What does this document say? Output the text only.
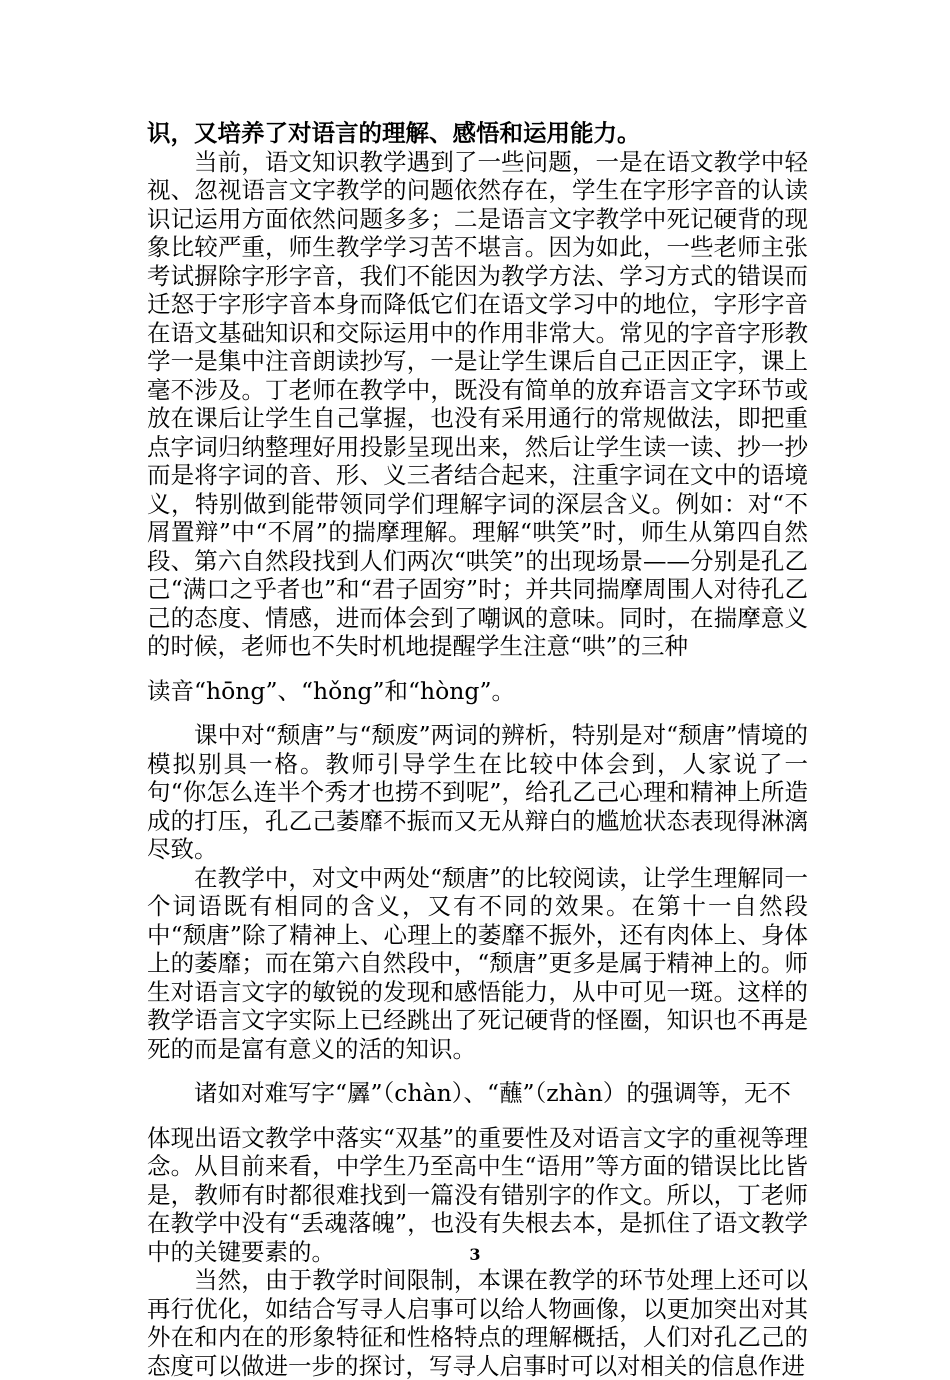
识，又培养了对语言的理解、感悟和运用能力。

当前，语文知识教学遇到了一些问题，一是在语文教学中轻视、忽视语言文字教学的问题依然存在，学生在字形字音的认读识记运用方面依然问题多多；二是语言文字教学中死记硬背的现象比较严重，师生教学学习苦不堪言。因为如此，一些老师主张考试摒除字形字音，我们不能因为教学方法、学习方式的错误而迁怒于字形字音本身而降低它们在语文学习中的地位，字形字音在语文基础知识和交际运用中的作用非常大。常见的字音字形教学一是集中注音朗读抄写，一是让学生课后自己正因正字，课上毫不涉及。丁老师在教学中，既没有简单的放弃语言文字环节或放在课后让学生自己掌握，也没有采用通行的常规做法，即把重点字词归纳整理好用投影呈现出来，然后让学生读一读、抄一抄而是将字词的音、形、义三者结合起来，注重字词在文中的语境义，特别做到能带领同学们理解字词的深层含义。例如：对“不屑置辩”中“不屑”的揣摩理解。理解“哄笑”时，师生从第四自然段、第六自然段找到人们两次“哄笑”的出现场景——分别是孔乙己“满口之乎者也”和“君子固穷”时；并共同揣摩周围人对待孔乙己的态度、情感，进而体会到了嘲讽的意味。同时，在揣摩意义的时候，老师也不失时机地提醒学生注意“哄”的三种

读音“hōng”、“hǒng”和“hòng”。

课中对“颓唐”与“颓废”两词的辨析，特别是对“颓唐”情境的模拟别具一格。教师引导学生在比较中体会到，人家说了一句“你怎么连半个秀才也捞不到呢”，给孔乙己心理和精神上所造成的打压，孔乙己萎靡不振而又无从辩白的尴尬状态表现得淋漓尽致。

在教学中，对文中两处“颓唐”的比较阅读，让学生理解同一个词语既有相同的含义，又有不同的效果。在第十一自然段中“颓唐”除了精神上、心理上的萎靡不振外，还有肉体上、身体上的萎靡；而在第六自然段中，“颓唐”更多是属于精神上的。师生对语言文字的敏锐的发现和感悟能力，从中可见一斑。这样的教学语言文字实际上已经跳出了死记硬背的怪圈，知识也不再是死的而是富有意义的活的知识。

诸如对难写字“羼”（chàn）、“蘸”（zhàn）的强调等，无不

体现出语文教学中落实“双基”的重要性及对语言文字的重视等理念。从目前来看，中学生乃至高中生“语用”等方面的错误比比皆是，教师有时都很难找到一篇没有错别字的作文。所以，丁老师在教学中没有“丢魂落魄”，也没有失根去本，是抓住了语文教学中的关键要素的。

当然，由于教学时间限制，本课在教学的环节处理上还可以再行优化，如结合写寻人启事可以给人物画像，以更加突出对其外在和内在的形象特征和性格特点的理解概括，人们对孔乙己的态度可以做进一步的探讨，写寻人启事时可以对相关的信息作进

3
